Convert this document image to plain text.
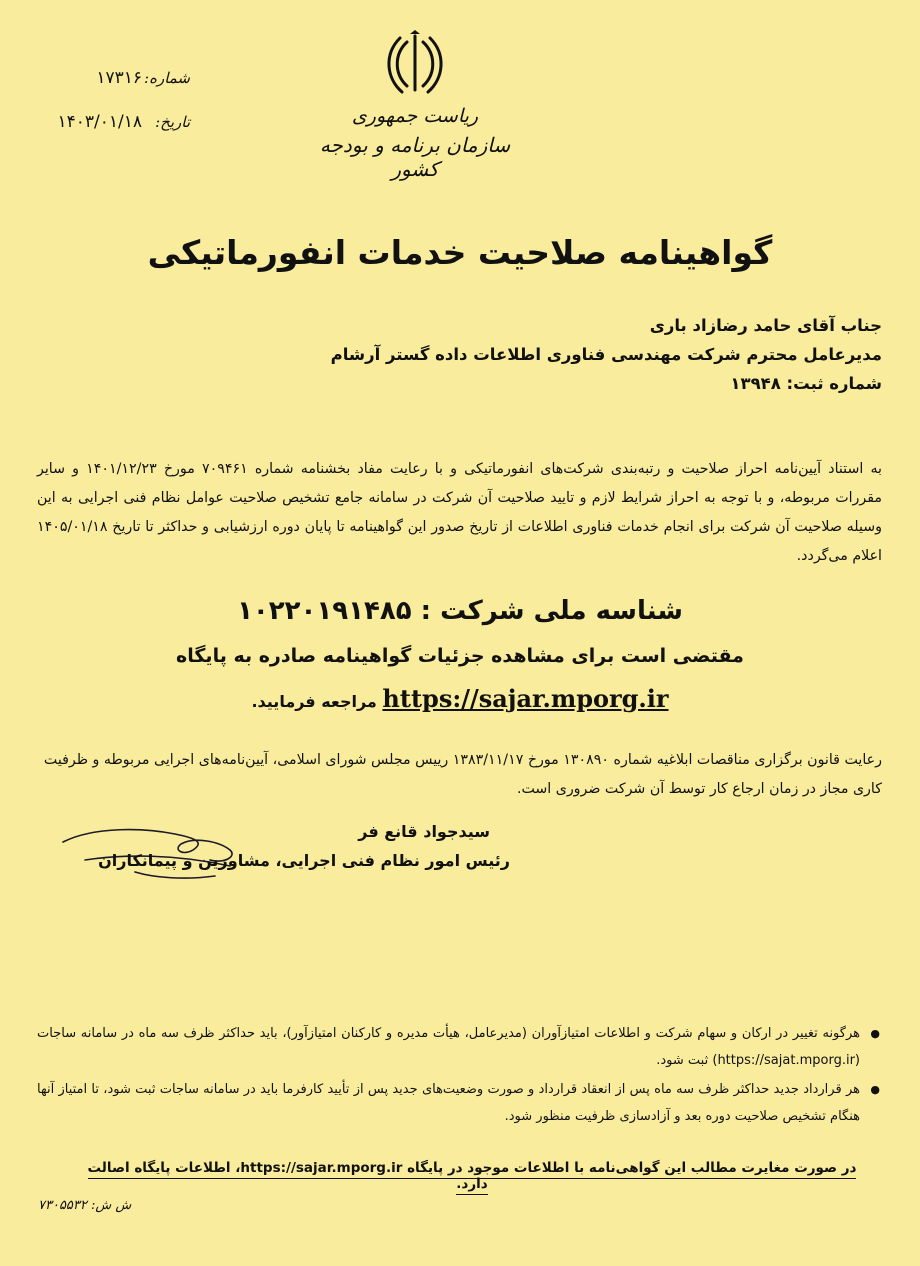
شماره:
۱۷۳۱۶
تاریخ:
۱۴۰۳/۰۱/۱۸	ریاست جمهوری
سازمان برنامه و بودجه کشور
گواهینامه صلاحیت خدمات انفورماتیکی
جناب آقای حامد رضازاد باری
مدیرعامل محترم شرکت مهندسی فناوری اطلاعات داده گستر آرشام
شماره ثبت: ۱۳۹۴۸
به استناد آیین‌نامه احراز صلاحیت و رتبه‌بندی شرکت‌های انفورماتیکی و با رعایت مفاد بخشنامه شماره ۷۰۹۴۶۱ مورخ ۱۴۰۱/۱۲/۲۳ و سایر مقررات مربوطه، و با توجه به احراز شرایط لازم و تایید صلاحیت آن شرکت در سامانه جامع تشخیص صلاحیت عوامل نظام فنی اجرایی به این وسیله صلاحیت آن شرکت برای انجام خدمات فناوری اطلاعات از تاریخ صدور این گواهینامه تا پایان دوره ارزشیابی و حداکثر تا تاریخ ۱۴۰۵/۰۱/۱۸ اعلام می‌گردد.
شناسه ملی شرکت : ۱۰۲۲۰۱۹۱۴۸۵
مقتضی است برای مشاهده جزئیات گواهینامه صادره به پایگاه
https://sajar.mporg.ir مراجعه فرمایید.
رعایت قانون برگزاری مناقصات ابلاغیه شماره ۱۳۰۸۹۰ مورخ ۱۳۸۳/۱۱/۱۷ رییس مجلس شورای اسلامی، آیین‌نامه‌های اجرایی مربوطه و ظرفیت کاری مجاز در زمان ارجاع کار توسط آن شرکت ضروری است.
سیدجواد قانع فر
رئیس امور نظام فنی اجرایی، مشاورین و پیمانکاران
● هرگونه تغییر در ارکان و سهام شرکت و اطلاعات امتیازآوران (مدیرعامل، هیأت مدیره و کارکنان امتیازآور)، باید حداکثر ظرف سه ماه در سامانه ساجات (https://sajat.mporg.ir) ثبت شود.
● هر قرارداد جدید حداکثر ظرف سه ماه پس از انعقاد قرارداد و صورت وضعیت‌های جدید پس از تأیید کارفرما باید در سامانه ساجات ثبت شود، تا امتیاز آنها هنگام تشخیص صلاحیت دوره بعد و آزادسازی ظرفیت منظور شود.
در صورت مغایرت مطالب این گواهی‌نامه با اطلاعات موجود در پایگاه https://sajar.mporg.ir، اطلاعات پایگاه اصالت دارد.
ش ش: ۷۳۰۵۵۳۲
